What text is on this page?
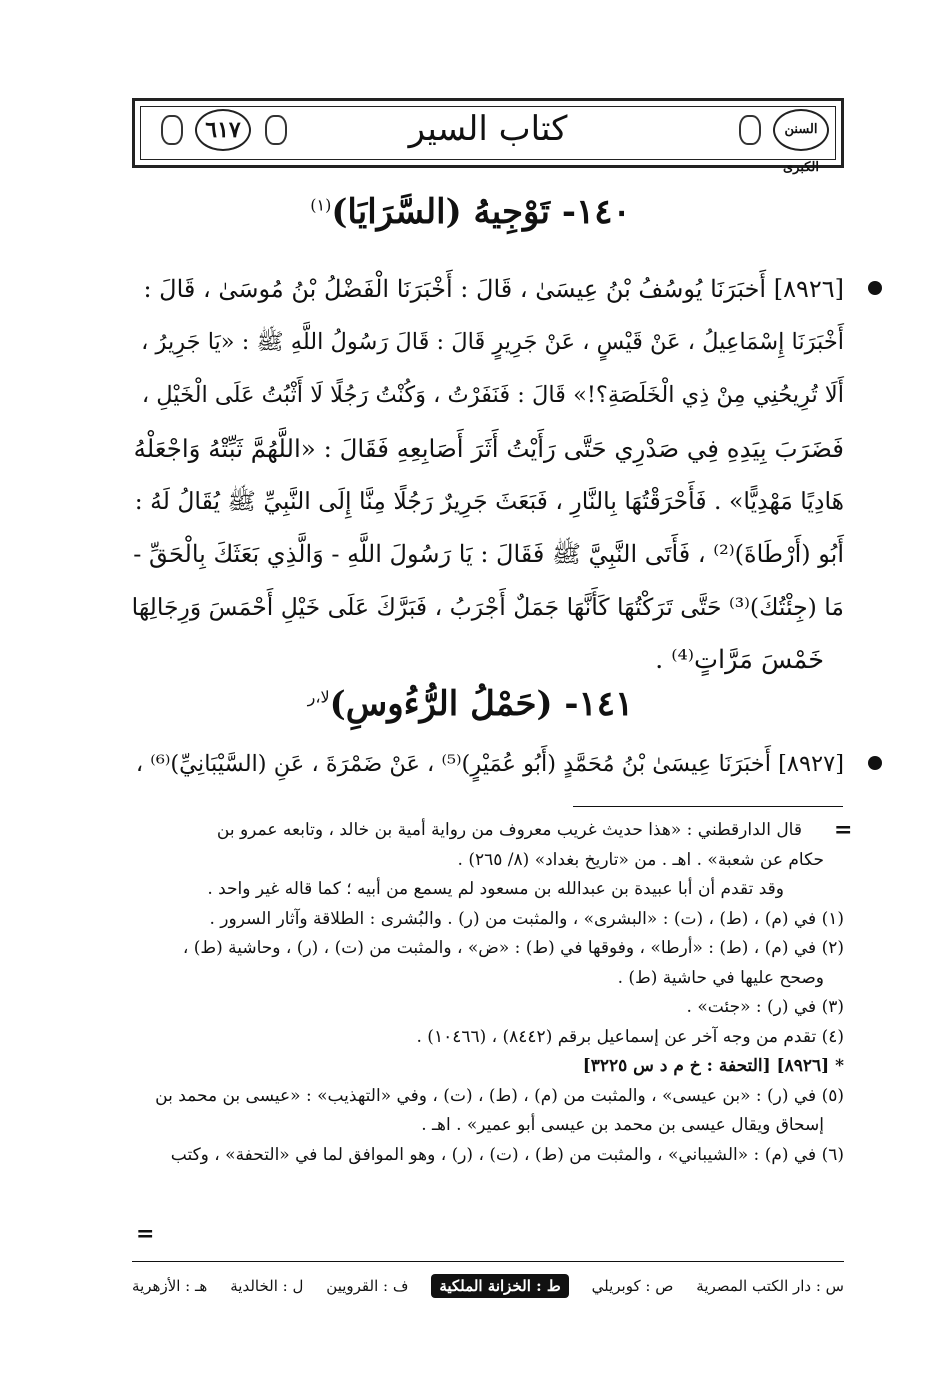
السنن الكبرى
٦١٧	كتاب السير
١٤٠- تَوْجِيهُ (السَّرَايَا)$^{(١)}$
[٨٩٢٦] أَخبَرَنَا يُوسُفُ بْنُ عِيسَىٰ ، قَالَ : أَخْبَرَنَا الْفَضْلُ بْنُ مُوسَىٰ ، قَالَ :
أَخْبَرَنَا إِسْمَاعِيلُ ، عَنْ قَيْسٍ ، عَنْ جَرِيرٍ قَالَ : قَالَ رَسُولُ اللَّهِ ﷺ : «يَا جَرِيرُ ،
أَلَا تُرِيحُنِي مِنْ ذِي الْخَلَصَةِ؟!» قَالَ : فَنَفَرْتُ ، وَكُنْتُ رَجُلًا لَا أَثْبُتُ عَلَى الْخَيْلِ ،
فَضَرَبَ بِيَدِهِ فِي صَدْرِي حَتَّى رَأَيْتُ أَثَرَ أَصَابِعِهِ فَقَالَ : «اللَّهُمَّ ثَبِّتْهُ وَاجْعَلْهُ
هَادِيًا مَهْدِيًّا» . فَأَحْرَقْتُهَا بِالنَّارِ ، فَبَعَثَ جَرِيرٌ رَجُلًا مِنَّا إِلَى النَّبِيِّ ﷺ يُقَالُ لَهُ :
أَبُو (أَرْطَاةَ)⁽²⁾ ، فَأَتَى النَّبِيَّ ﷺ فَقَالَ : يَا رَسُولَ اللَّهِ - وَالَّذِي بَعَثَكَ بِالْحَقِّ -
مَا (جِئْتُكَ)⁽³⁾ حَتَّى تَرَكْتُهَا كَأَنَّهَا جَمَلٌ أَجْرَبُ ، فَبَرَّكَ عَلَى خَيْلِ أَحْمَسَ وَرِجَالِهَا
خَمْسَ مَرَّاتٍ⁽⁴⁾ .
١٤١- (حَمْلُ الرُّءُوسِ)$^{لا،ر}$
[٨٩٢٧] أَخبَرَنَا عِيسَىٰ بْنُ مُحَمَّدٍ (أَبُو عُمَيْرٍ)⁽⁵⁾ ، عَنْ ضَمْرَةَ ، عَنِ (السَّيْبَانِيِّ)⁽⁶⁾ ،
=
قال الدارقطني : «هذا حديث غريب معروف من رواية أمية بن خالد ، وتابعه عمرو بن
حكام عن شعبة» . اهـ . من «تاريخ بغداد» (٨/ ٢٦٥) .
وقد تقدم أن أبا عبيدة بن عبدالله بن مسعود لم يسمع من أبيه ؛ كما قاله غير واحد .
(١) في (م) ، (ط) ، (ت) : «البشرى» ، والمثبت من (ر) . والبُشرى : الطلاقة وآثار السرور .
(٢) في (م) ، (ط) : «أرطا» ، وفوقها في (ط) : «ض» ، والمثبت من (ت) ، (ر) ، وحاشية (ط) ،
وصحح عليها في حاشية (ط) .
(٣) في (ر) : «جئت» .
(٤) تقدم من وجه آخر عن إسماعيل برقم (٨٤٤٢) ، (١٠٤٦٦) .
* [٨٩٢٦] [التحفة : خ م د س ٣٢٢٥]
(٥) في (ر) : «بن عيسى» ، والمثبت من (م) ، (ط) ، (ت) ، وفي «التهذيب» : «عيسى بن محمد بن
إسحاق ويقال عيسى بن محمد بن عيسى أبو عمير» . اهـ .
(٦) في (م) : «الشيباني» ، والمثبت من (ط) ، (ت) ، (ر) ، وهو الموافق لما في «التحفة» ، وكتب
=
س : دار الكتب المصرية
ص : كوبريلي
ط : الخزانة الملكية
ف : القرويين
ل : الخالدية
هـ : الأزهرية
